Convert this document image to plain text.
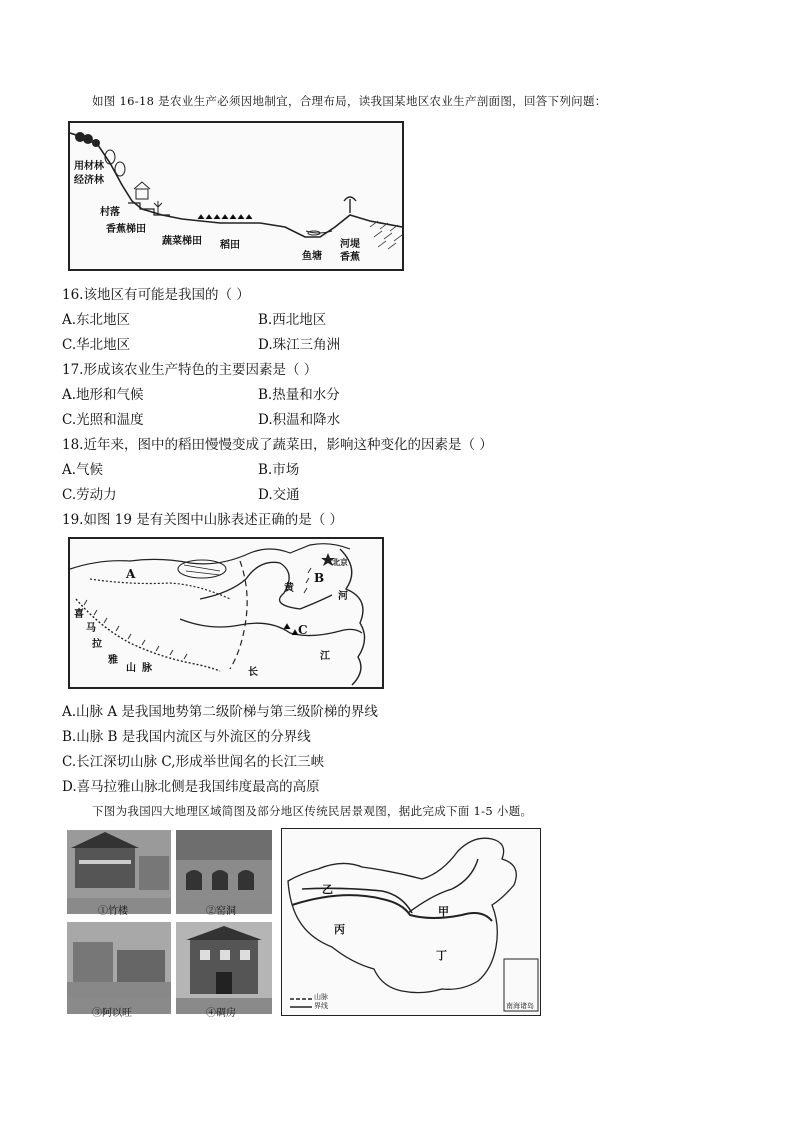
如图 16-18 是农业生产必须因地制宜，合理布局，读我国某地区农业生产剖面图，回答下列问题：
用材林
经济林
村落
香蕉梯田
蔬菜梯田 稻田
鱼塘
河堤
香蕉
16.该地区有可能是我国的（ ）
A.东北地区	B.西北地区
C.华北地区	D.珠江三角洲
17.形成该农业生产特色的主要因素是（ ）
A.地形和气候	B.热量和水分
C.光照和温度	D.积温和降水
18.近年来，图中的稻田慢慢变成了蔬菜田，影响这种变化的因素是（ ）
A.气候	B.市场
C.劳动力	D.交通
19.如图 19 是有关图中山脉表述正确的是（ ）
A	B
C
北京
黄
河
长
江
喜
马
拉
雅
山 脉
A.山脉 A 是我国地势第二级阶梯与第三级阶梯的界线
B.山脉 B 是我国内流区与外流区的分界线
C.长江深切山脉 C,形成举世闻名的长江三峡
D.喜马拉雅山脉北侧是我国纬度最高的高原
下图为我国四大地理区域简图及部分地区传统民居景观图，据此完成下面 1-5 小题。
①竹楼	②窑洞
③阿以旺	④碉房
乙
甲
丙
丁
山脉
界线	南海诸岛
